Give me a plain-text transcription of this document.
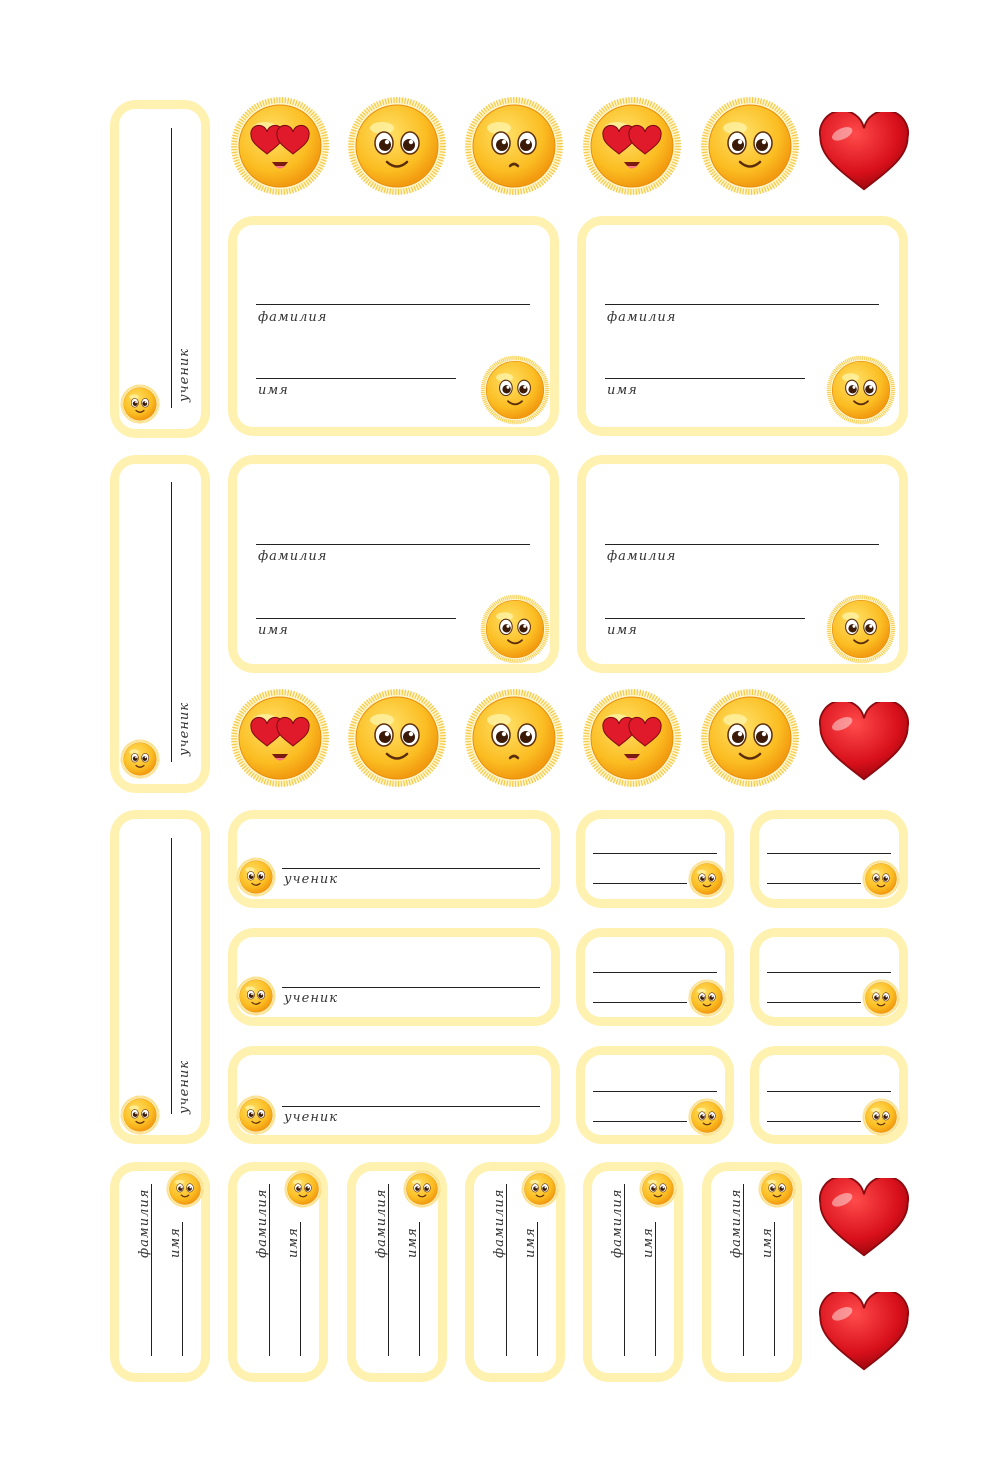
ученик
ученик
ученик
фамилия
имя
фамилия
имя
фамилия
имя
фамилия
имя
ученик
ученик
ученик
фамилия имя	фамилия имя	фамилия имя	фамилия имя	фамилия имя	фамилия имя
